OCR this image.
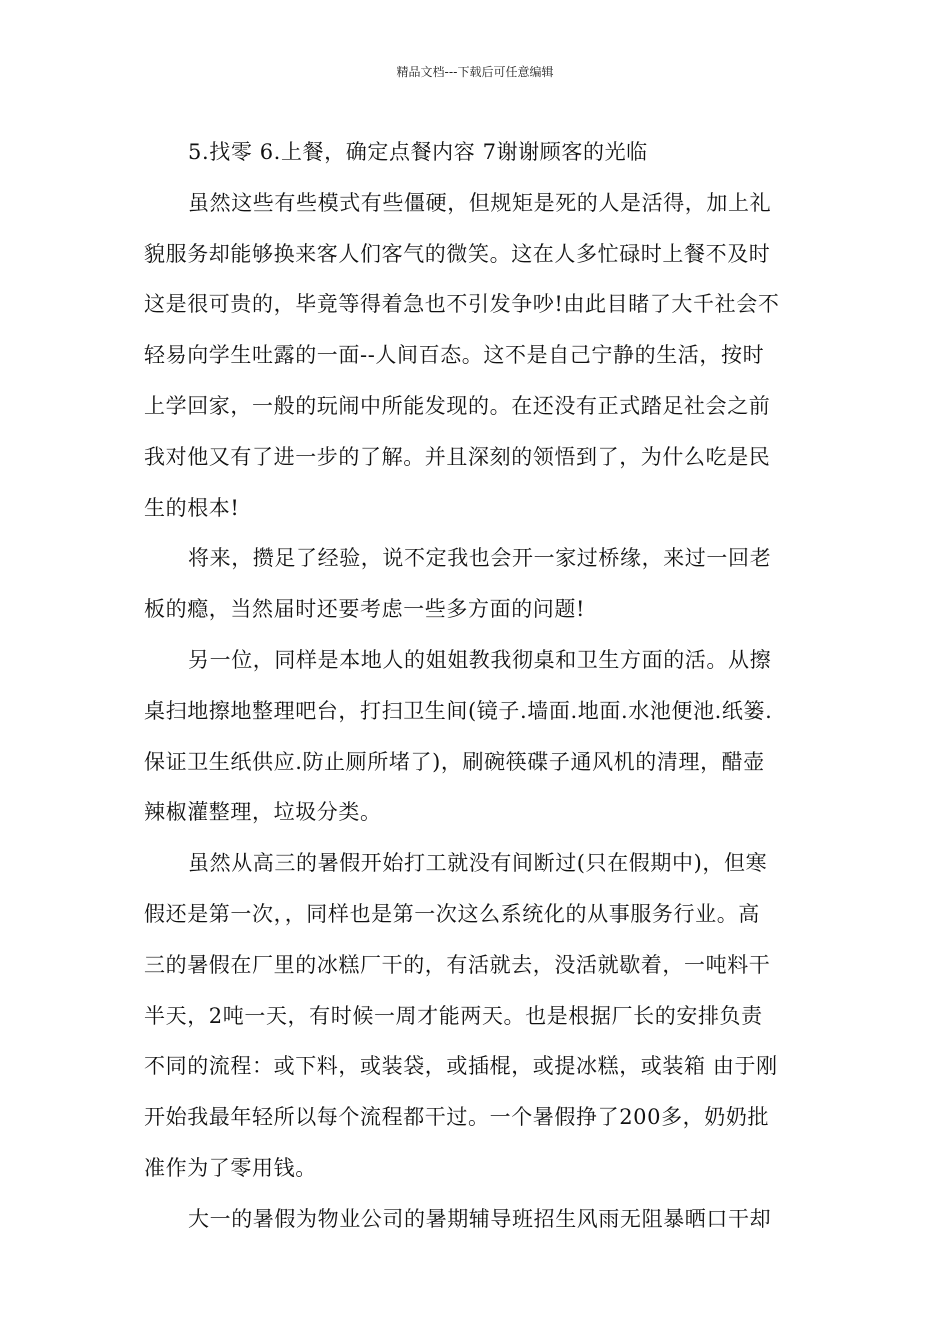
精品文档---下载后可任意编辑
5.找零 6.上餐，确定点餐内容 7谢谢顾客的光临
虽然这些有些模式有些僵硬，但规矩是死的人是活得，加上礼
貌服务却能够换来客人们客气的微笑。这在人多忙碌时上餐不及时
这是很可贵的，毕竟等得着急也不引发争吵!由此目睹了大千社会不
轻易向学生吐露的一面--人间百态。这不是自己宁静的生活，按时
上学回家，一般的玩闹中所能发现的。在还没有正式踏足社会之前
我对他又有了进一步的了解。并且深刻的领悟到了，为什么吃是民
生的根本!
将来，攒足了经验，说不定我也会开一家过桥缘，来过一回老
板的瘾，当然届时还要考虑一些多方面的问题!
另一位，同样是本地人的姐姐教我彻桌和卫生方面的活。从擦
桌扫地擦地整理吧台，打扫卫生间(镜子.墙面.地面.水池便池.纸篓.
保证卫生纸供应.防止厕所堵了)，刷碗筷碟子通风机的清理，醋壶
辣椒灌整理，垃圾分类。
虽然从高三的暑假开始打工就没有间断过(只在假期中)，但寒
假还是第一次，，同样也是第一次这么系统化的从事服务行业。高
三的暑假在厂里的冰糕厂干的，有活就去，没活就歇着，一吨料干
半天，2吨一天，有时候一周才能两天。也是根据厂长的安排负责
不同的流程：或下料，或装袋，或插棍，或提冰糕，或装箱 由于刚
开始我最年轻所以每个流程都干过。一个暑假挣了200多，奶奶批
准作为了零用钱。
大一的暑假为物业公司的暑期辅导班招生风雨无阻暴晒口干却
